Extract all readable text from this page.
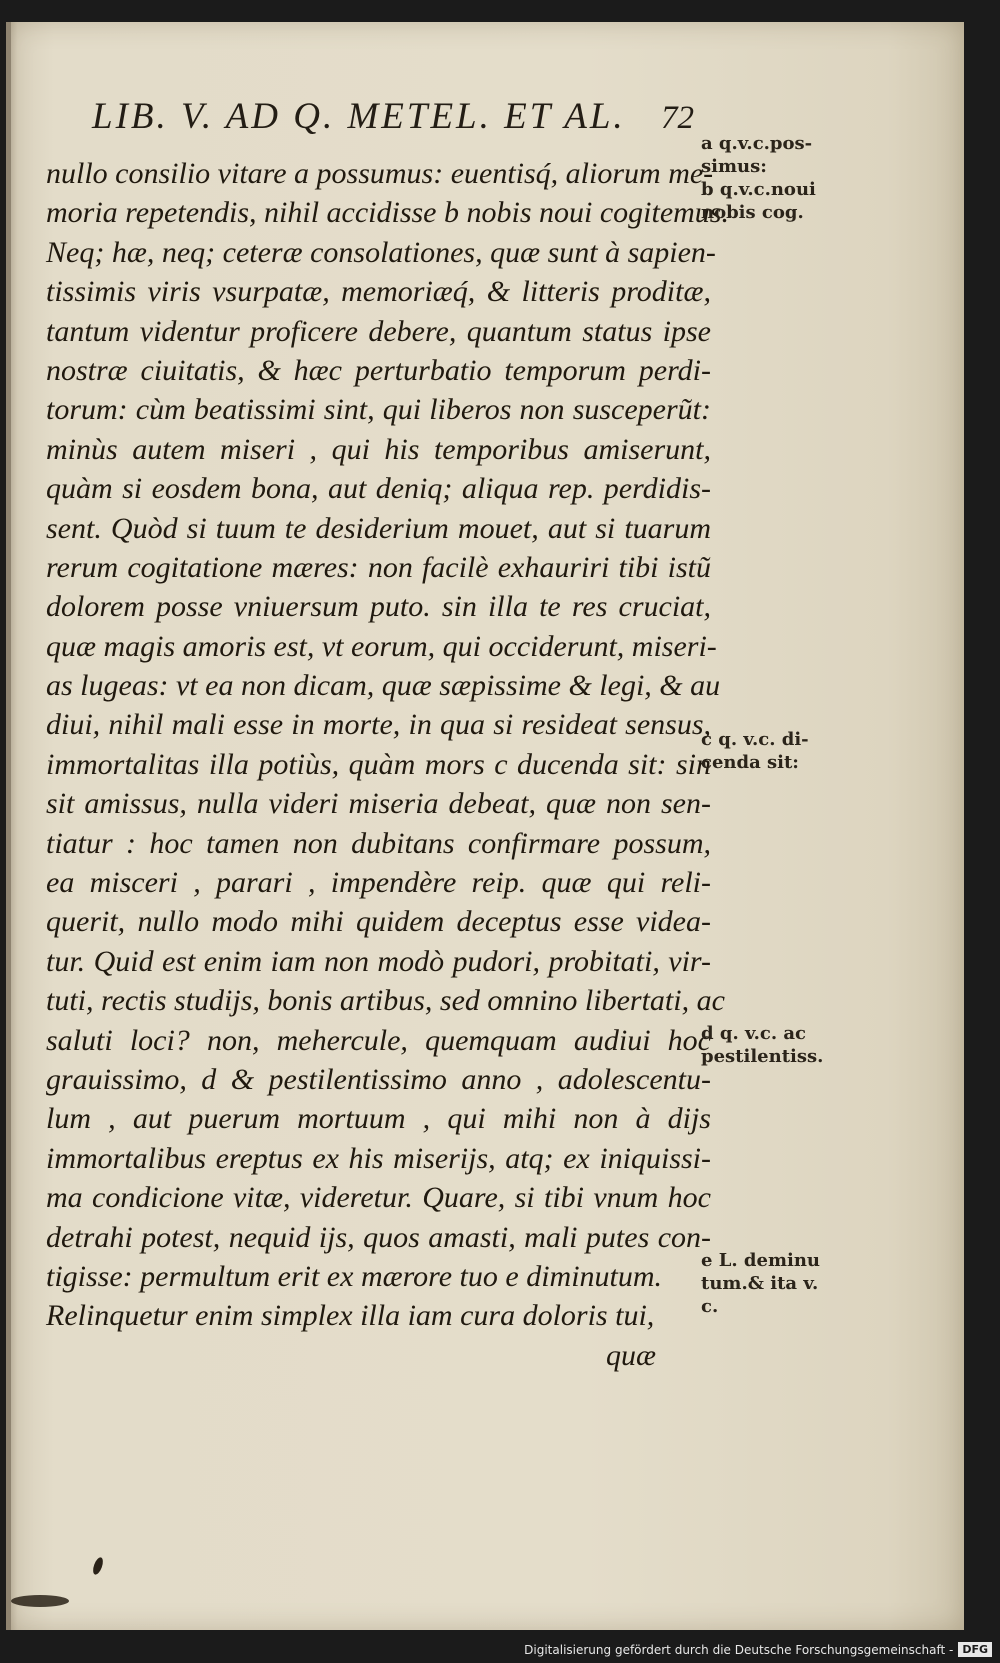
LIB. V. AD Q. METEL. ET AL. 72
nullo consilio vitare a possumus: euentisq́, aliorum me-
moria repetendis, nihil accidisse b nobis noui cogitemus.
Neq; hæ, neq; ceteræ consolationes, quæ sunt à sapien-
tissimis viris vsurpatæ, memoriæq́, & litteris proditæ,
tantum videntur proficere debere, quantum status ipse
nostræ ciuitatis, & hæc perturbatio temporum perdi-
torum: cùm beatissimi sint, qui liberos non susceperũt:
minùs autem miseri , qui his temporibus amiserunt,
quàm si eosdem bona, aut deniq; aliqua rep. perdidis-
sent. Quòd si tuum te desiderium mouet, aut si tuarum
rerum cogitatione mæres: non facilè exhauriri tibi istũ
dolorem posse vniuersum puto. sin illa te res cruciat,
quæ magis amoris est, vt eorum, qui occiderunt, miseri-
as lugeas: vt ea non dicam, quæ sæpissime & legi, & au
diui, nihil mali esse in morte, in qua si resideat sensus,
immortalitas illa potiùs, quàm mors c ducenda sit: sin
sit amissus, nulla videri miseria debeat, quæ non sen-
tiatur : hoc tamen non dubitans confirmare possum,
ea misceri , parari , impendère reip. quæ qui reli-
querit, nullo modo mihi quidem deceptus esse videa-
tur. Quid est enim iam non modò pudori, probitati, vir-
tuti, rectis studijs, bonis artibus, sed omnino libertati, ac
saluti loci? non, mehercule, quemquam audiui hoc
grauissimo, d & pestilentissimo anno , adolescentu-
lum , aut puerum mortuum , qui mihi non à dijs
immortalibus ereptus ex his miserijs, atq; ex iniquissi-
ma condicione vitæ, videretur. Quare, si tibi vnum hoc
detrahi potest, nequid ijs, quos amasti, mali putes con-
tigisse: permultum erit ex mærore tuo e diminutum.
Relinquetur enim simplex illa iam cura doloris tui,
quæ
a q.v.c.pos-
simus:
b q.v.c.noui
nobis cog.
c q. v.c. di-
cenda sit:
d q. v.c. ac
pestilentiss.
e L. deminu
tum.& ita v.
c.
Digitalisierung gefördert durch die Deutsche Forschungsgemeinschaft - DFG
